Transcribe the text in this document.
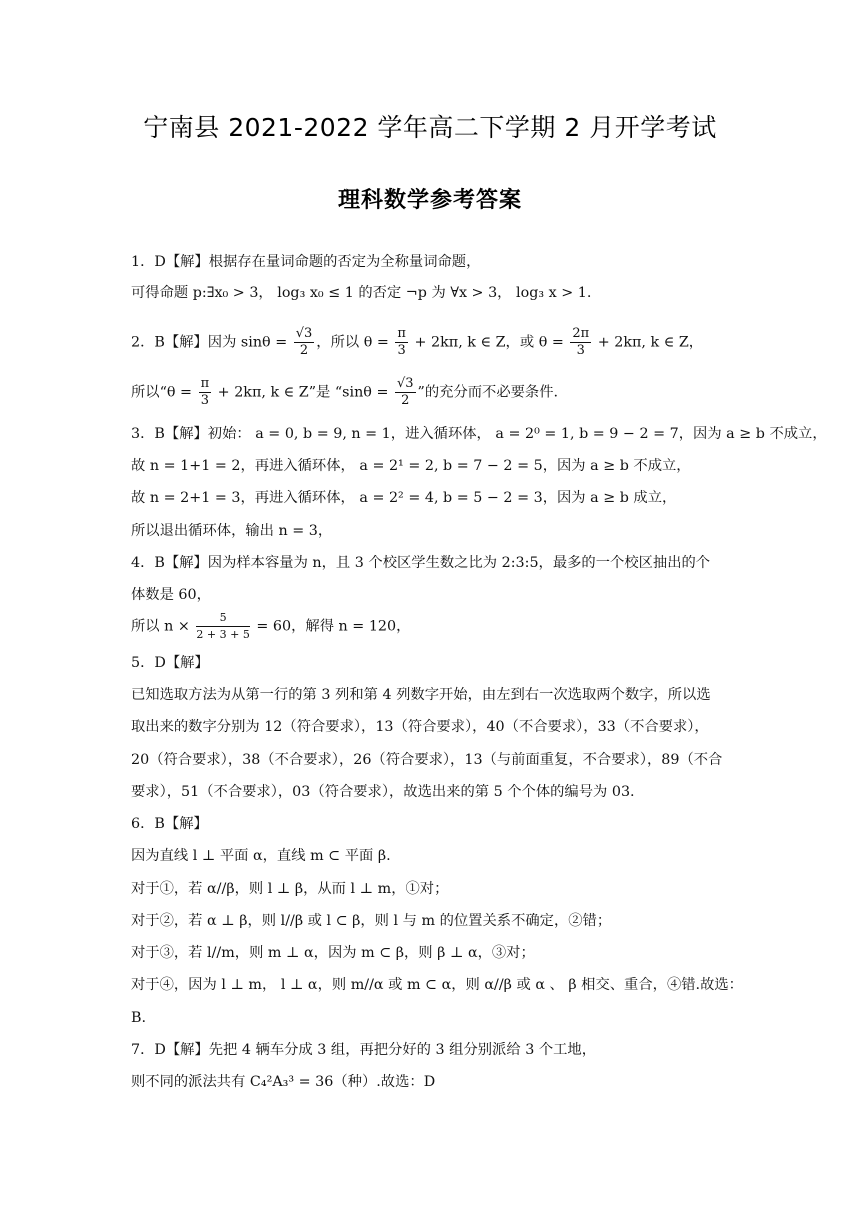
宁南县 2021-2022 学年高二下学期 2 月开学考试
理科数学参考答案
1．D【解】根据存在量词命题的否定为全称量词命题，
可得命题 p:∃x₀ > 3， log₃ x₀ ≤ 1 的否定 ¬p 为 ∀x > 3， log₃ x > 1.
2．B【解】因为 $\sin\theta = \frac{√3}{2}$ ，所以 $\theta = \frac{\pi}{3} + 2k\pi$, k ∈ Z，或 $\theta = \frac{2\pi}{3} + 2k\pi$, k ∈ Z，
所以“$\theta = \frac{\pi}{3} + 2k\pi$, k ∈ Z”是 “$\sin\theta = \frac{√3}{2}$ ”的充分而不必要条件.
3．B【解】初始： a = 0, b = 9, n = 1，进入循环体， a = 2⁰ = 1, b = 9 − 2 = 7，因为 a ≥ b 不成立，
故 n = 1+1 = 2，再进入循环体， a = 2¹ = 2, b = 7 − 2 = 5，因为 a ≥ b 不成立，
故 n = 2+1 = 3，再进入循环体， a = 2² = 4, b = 5 − 2 = 3，因为 a ≥ b 成立，
所以退出循环体，输出 n = 3，
4．B【解】因为样本容量为 n，且 3 个校区学生数之比为 2:3:5，最多的一个校区抽出的个
体数是 60，
所以 $n \times \frac{5}{2 + 3 + 5} = 60$，解得 n = 120，
5．D【解】
已知选取方法为从第一行的第 3 列和第 4 列数字开始，由左到右一次选取两个数字，所以选
取出来的数字分别为 12（符合要求），13（符合要求），40（不合要求），33（不合要求），
20（符合要求），38（不合要求），26（符合要求），13（与前面重复，不合要求），89（不合
要求），51（不合要求），03（符合要求），故选出来的第 5 个个体的编号为 03.
6．B【解】
因为直线 l ⊥ 平面 α，直线 m ⊂ 平面 β.
对于①，若 α//β，则 l ⊥ β，从而 l ⊥ m，①对；
对于②，若 α ⊥ β，则 l//β 或 l ⊂ β，则 l 与 m 的位置关系不确定，②错；
对于③，若 l//m，则 m ⊥ α，因为 m ⊂ β，则 β ⊥ α，③对；
对于④，因为 l ⊥ m， l ⊥ α，则 m//α 或 m ⊂ α，则 α//β 或 α 、 β 相交、重合，④错.故选：
B.
7．D【解】先把 4 辆车分成 3 组，再把分好的 3 组分别派给 3 个工地，
则不同的派法共有 C₄²A₃³ = 36（种）.故选：D
